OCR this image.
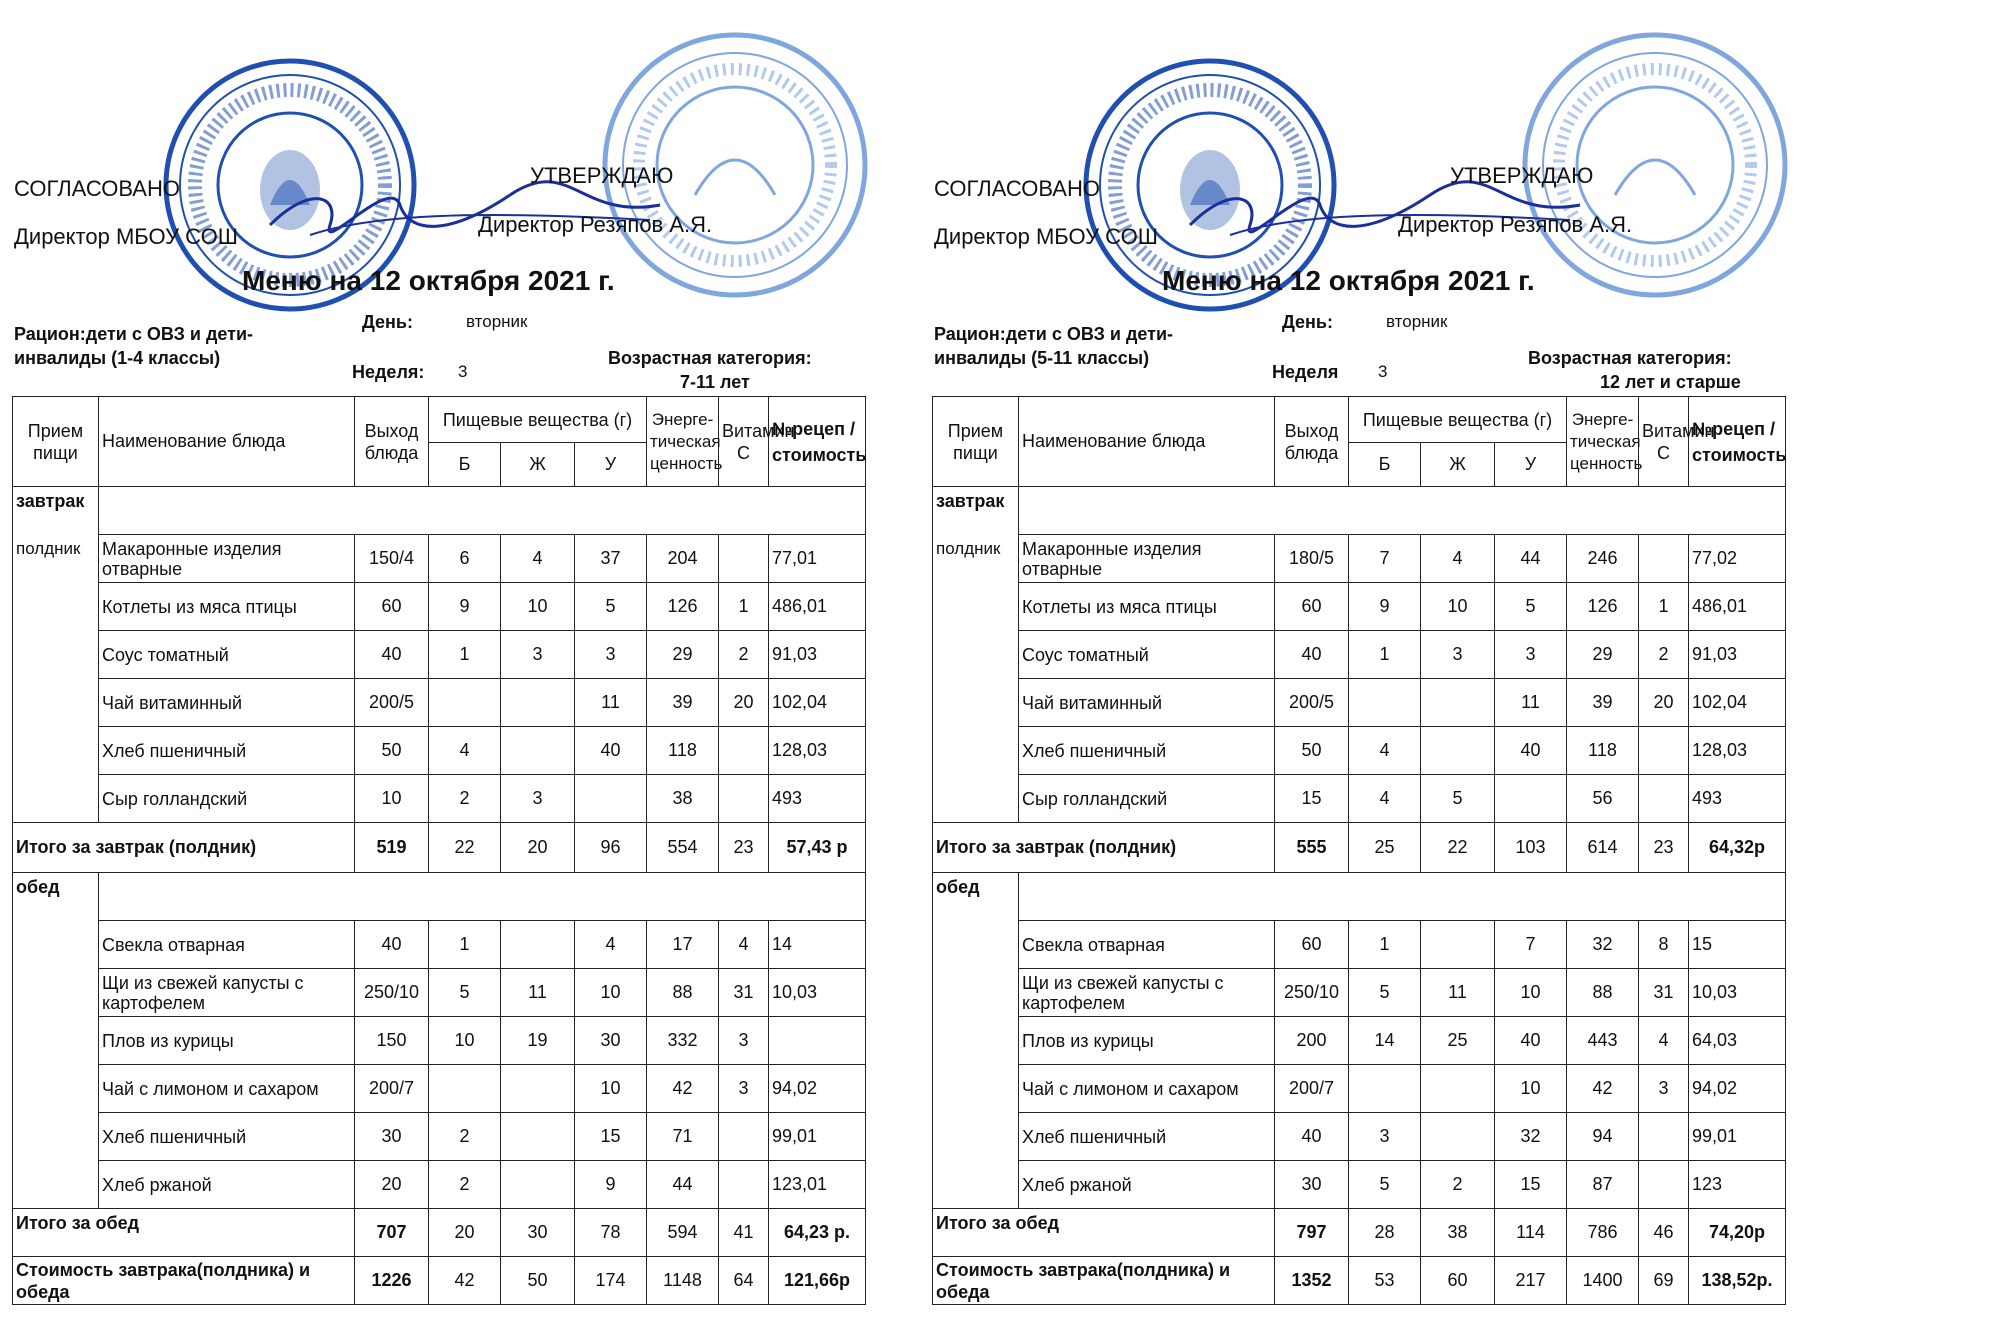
СОГЛАСОВАНО
Директор МБОУ СОШ
УТВЕРЖДАЮ
Директор Резяпов А.Я.
Меню на 12 октября 2021 г.
Рацион:дети с ОВЗ и дети-инвалиды (1-4 классы)
День:	вторник
Неделя: 3
Возрастная категория:
7-11 лет
Прием пищи	Наименование блюда	Выход блюда	Пищевые вещества (г)			Энерге-тическая ценность	Витамин С	№рецеп /стоимость
			Б	Ж	У			
завтрак								
полдник	Макаронные изделия отварные	150/4	6	4	37	204		77,01
	Котлеты из мяса птицы	60	9	10	5	126	1	486,01
	Соус томатный	40	1	3	3	29	2	91,03
	Чай витаминный	200/5			11	39	20	102,04
	Хлеб пшеничный	50	4		40	118		128,03
	Сыр голландский	10	2	3		38		493
Итого за завтрак (полдник)		519	22	20	96	554	23	57,43 р
обед								
	Свекла отварная	40	1		4	17	4	14
	Щи из свежей капусты с картофелем	250/10	5	11	10	88	31	10,03
	Плов из курицы	150	10	19	30	332	3	
	Чай с лимоном и сахаром	200/7			10	42	3	94,02
	Хлеб пшеничный	30	2		15	71		99,01
	Хлеб ржаной	20	2		9	44		123,01
Итого за обед		707	20	30	78	594	41	64,23 р.
Стоимость завтрака(полдника) и обеда		1226	42	50	174	1148	64	121,66р
СОГЛАСОВАНО
Директор МБОУ СОШ
УТВЕРЖДАЮ
Директор Резяпов А.Я.
Меню на 12 октября 2021 г.
Рацион:дети с ОВЗ и дети-инвалиды (5-11 классы)
День:	вторник
Неделя 3
Возрастная категория:
12 лет и старше
Прием пищи	Наименование блюда	Выход блюда	Пищевые вещества (г)			Энерге-тическая ценность	Витамин С	№рецеп /стоимость
			Б	Ж	У			
завтрак								
полдник	Макаронные изделия отварные	180/5	7	4	44	246		77,02
	Котлеты из мяса птицы	60	9	10	5	126	1	486,01
	Соус томатный	40	1	3	3	29	2	91,03
	Чай витаминный	200/5			11	39	20	102,04
	Хлеб пшеничный	50	4		40	118		128,03
	Сыр голландский	15	4	5		56		493
Итого за завтрак (полдник)		555	25	22	103	614	23	64,32р
обед								
	Свекла отварная	60	1		7	32	8	15
	Щи из свежей капусты с картофелем	250/10	5	11	10	88	31	10,03
	Плов из курицы	200	14	25	40	443	4	64,03
	Чай с лимоном и сахаром	200/7			10	42	3	94,02
	Хлеб пшеничный	40	3		32	94		99,01
	Хлеб ржаной	30	5	2	15	87		123
Итого за обед		797	28	38	114	786	46	74,20р
Стоимость завтрака(полдника) и обеда		1352	53	60	217	1400	69	138,52р.
